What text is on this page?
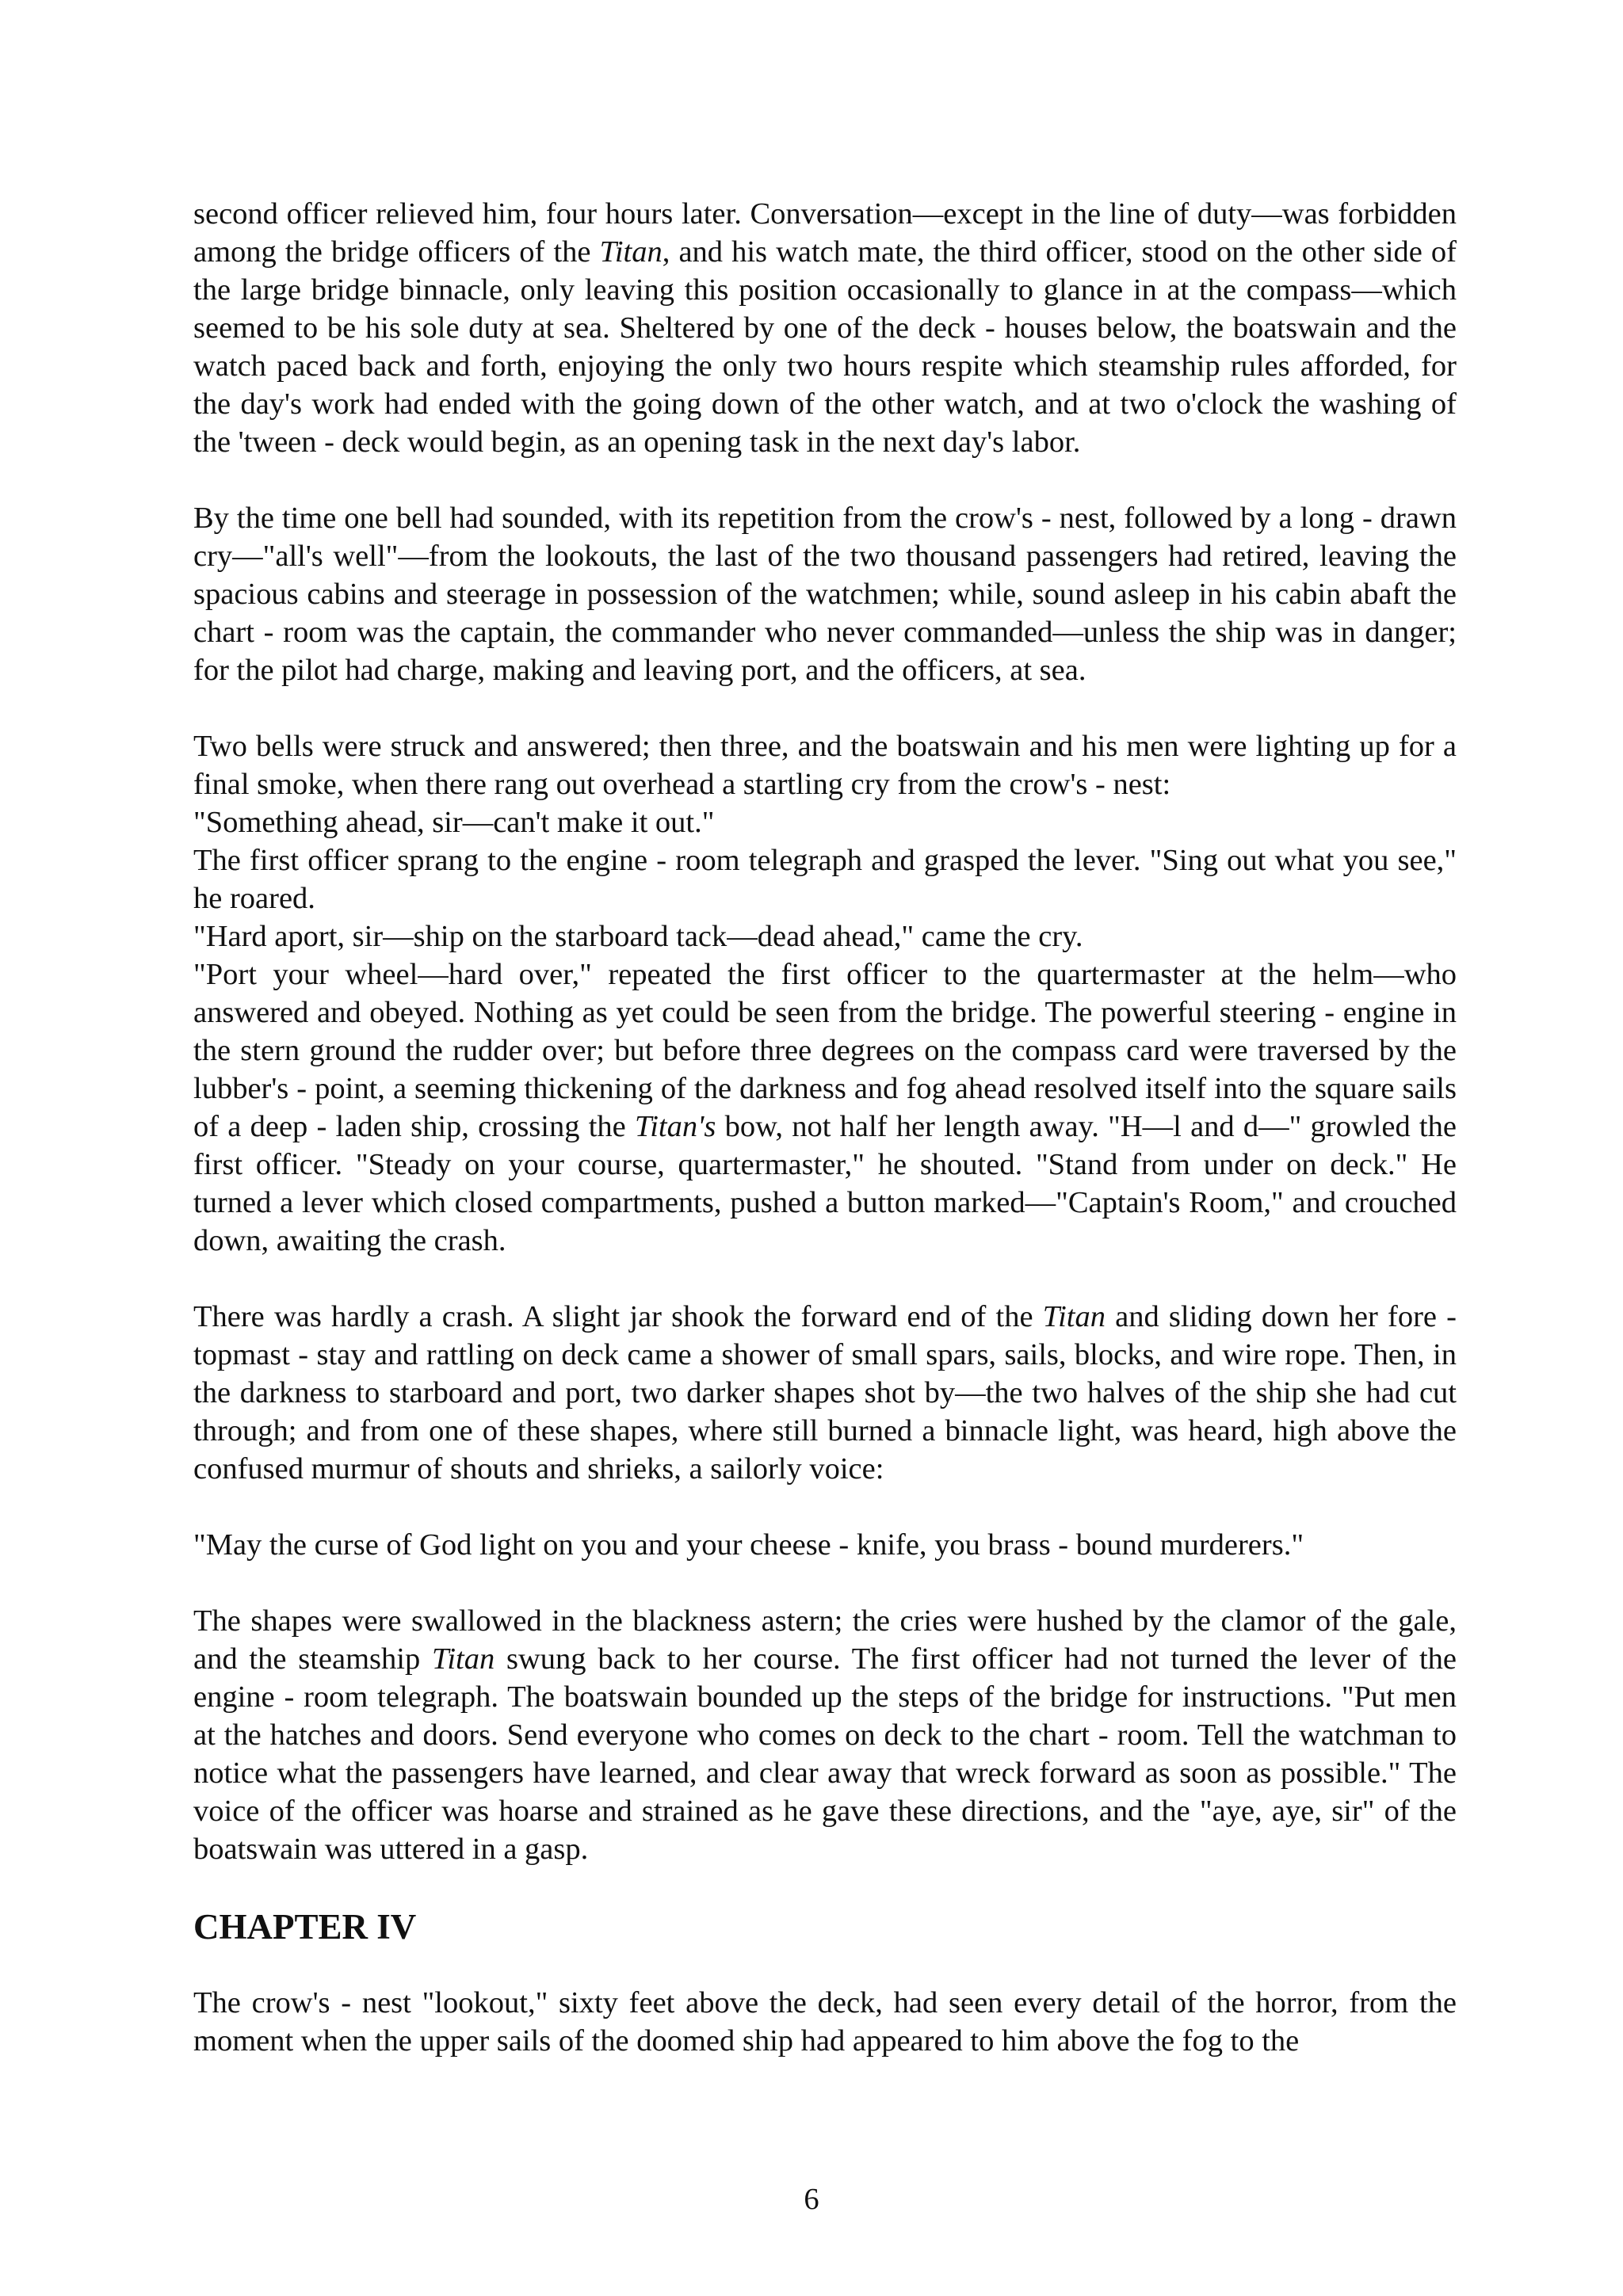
second officer relieved him, four hours later. Conversation—except in the line of duty—was forbidden among the bridge officers of the Titan, and his watch mate, the third officer, stood on the other side of the large bridge binnacle, only leaving this position occasionally to glance in at the compass—which seemed to be his sole duty at sea. Sheltered by one of the deck - houses below, the boatswain and the watch paced back and forth, enjoying the only two hours respite which steamship rules afforded, for the day's work had ended with the going down of the other watch, and at two o'clock the washing of the 'tween - deck would begin, as an opening task in the next day's labor.

By the time one bell had sounded, with its repetition from the crow's - nest, followed by a long - drawn cry—"all's well"—from the lookouts, the last of the two thousand passengers had retired, leaving the spacious cabins and steerage in possession of the watchmen; while, sound asleep in his cabin abaft the chart - room was the captain, the commander who never commanded—unless the ship was in danger; for the pilot had charge, making and leaving port, and the officers, at sea.

Two bells were struck and answered; then three, and the boatswain and his men were lighting up for a final smoke, when there rang out overhead a startling cry from the crow's - nest:

"Something ahead, sir—can't make it out."

The first officer sprang to the engine - room telegraph and grasped the lever. "Sing out what you see," he roared.

"Hard aport, sir—ship on the starboard tack—dead ahead," came the cry.

"Port your wheel—hard over," repeated the first officer to the quartermaster at the helm—who answered and obeyed. Nothing as yet could be seen from the bridge. The powerful steering - engine in the stern ground the rudder over; but before three degrees on the compass card were traversed by the lubber's - point, a seeming thickening of the darkness and fog ahead resolved itself into the square sails of a deep - laden ship, crossing the Titan's bow, not half her length away. "H—l and d—" growled the first officer. "Steady on your course, quartermaster," he shouted. "Stand from under on deck." He turned a lever which closed compartments, pushed a button marked—"Captain's Room," and crouched down, awaiting the crash.

There was hardly a crash. A slight jar shook the forward end of the Titan and sliding down her fore - topmast - stay and rattling on deck came a shower of small spars, sails, blocks, and wire rope. Then, in the darkness to starboard and port, two darker shapes shot by—the two halves of the ship she had cut through; and from one of these shapes, where still burned a binnacle light, was heard, high above the confused murmur of shouts and shrieks, a sailorly voice:

"May the curse of God light on you and your cheese - knife, you brass - bound murderers."

The shapes were swallowed in the blackness astern; the cries were hushed by the clamor of the gale, and the steamship Titan swung back to her course. The first officer had not turned the lever of the engine - room telegraph. The boatswain bounded up the steps of the bridge for instructions. "Put men at the hatches and doors. Send everyone who comes on deck to the chart - room. Tell the watchman to notice what the passengers have learned, and clear away that wreck forward as soon as possible." The voice of the officer was hoarse and strained as he gave these directions, and the "aye, aye, sir" of the boatswain was uttered in a gasp.

CHAPTER IV

The crow's - nest "lookout," sixty feet above the deck, had seen every detail of the horror, from the moment when the upper sails of the doomed ship had appeared to him above the fog to the

6
